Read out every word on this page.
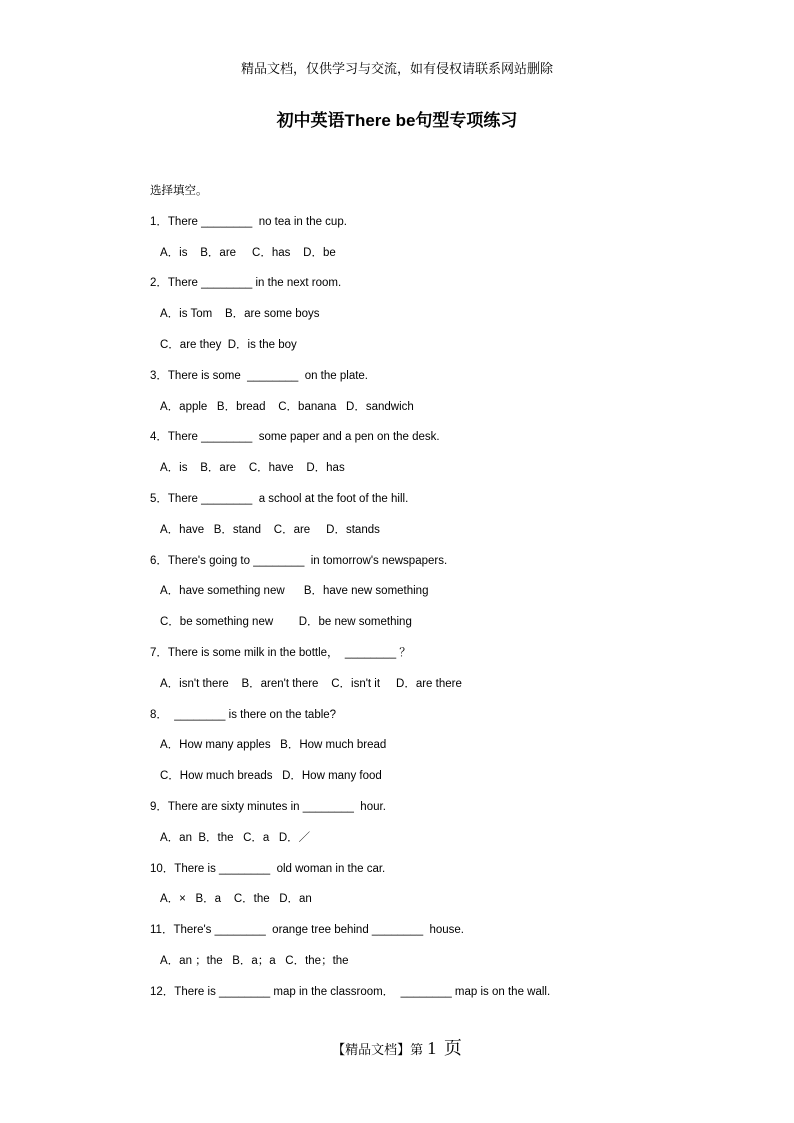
精品文档，仅供学习与交流，如有侵权请联系网站删除
初中英语There be句型专项练习
选择填空。
1．There ________  no tea in the cup.
A．is    B．are     C．has    D．be
2．There ________ in the next room.
A．is Tom    B．are some boys
C．are they  D．is the boy
3．There is some  ________  on the plate.
A．apple   B．bread    C．banana   D．sandwich
4．There ________  some paper and a pen on the desk.
A．is    B．are    C．have    D．has
5．There ________  a school at the foot of the hill.
A．have   B．stand    C．are     D．stands
6．There's going to ________  in tomorrow's newspapers.
A．have something new      B．have new something
C．be something new        D．be new something
7．There is some milk in the bottle，  ________ ？
A．isn't there    B．aren't there    C．isn't it     D．are there
8．  ________ is there on the table?
A．How many apples   B．How much bread
C．How much breads   D．How many food
9．There are sixty minutes in ________  hour.
A．an  B．the   C．a   D．／
10．There is ________  old woman in the car.
A．×   B．a    C．the   D．an
11．There's ________  orange tree behind ________  house.
A．an ；the   B．a；a   C．the；the
12．There is ________ map in the classroom．  ________ map is on the wall.
【精品文档】第 1 页
